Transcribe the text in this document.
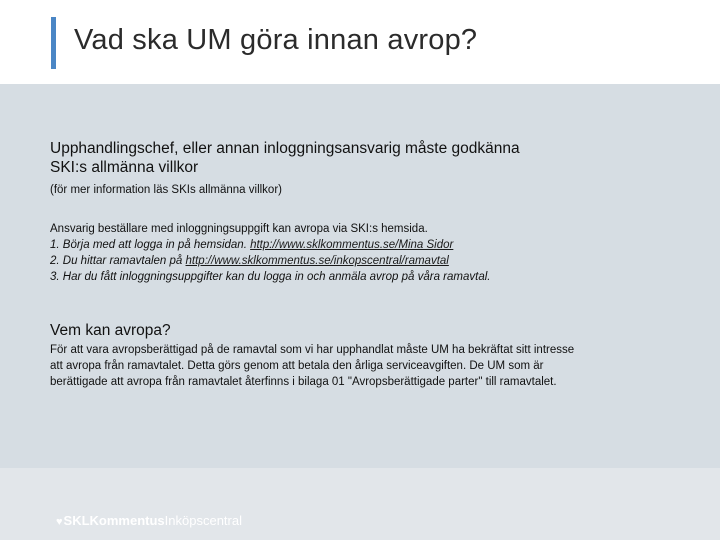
Vad ska UM göra innan avrop?
Upphandlingschef, eller annan inloggningsansvarig måste godkänna
SKI:s allmänna villkor
(för mer information läs SKIs allmänna villkor)
Ansvarig beställare med inloggningsuppgift kan avropa via SKI:s hemsida.
1. Börja med att logga in på hemsidan. http://www.sklkommentus.se/Mina Sidor
2. Du hittar ramavtalen på http://www.sklkommentus.se/inkopscentral/ramavtal
3. Har du fått inloggningsuppgifter kan du logga in och anmäla avrop på våra ramavtal.
Vem kan avropa?
För att vara avropsberättigad på de ramavtal som vi har upphandlat måste UM ha bekräftat sitt intresse
att avropa från ramavtalet. Detta görs genom att betala den årliga serviceavgiften. De UM som är
berättigade att avropa från ramavtalet återfinns i bilaga 01 "Avropsberättigade parter" till ramavtalet.
♥SKLKommentusInköpscentral
